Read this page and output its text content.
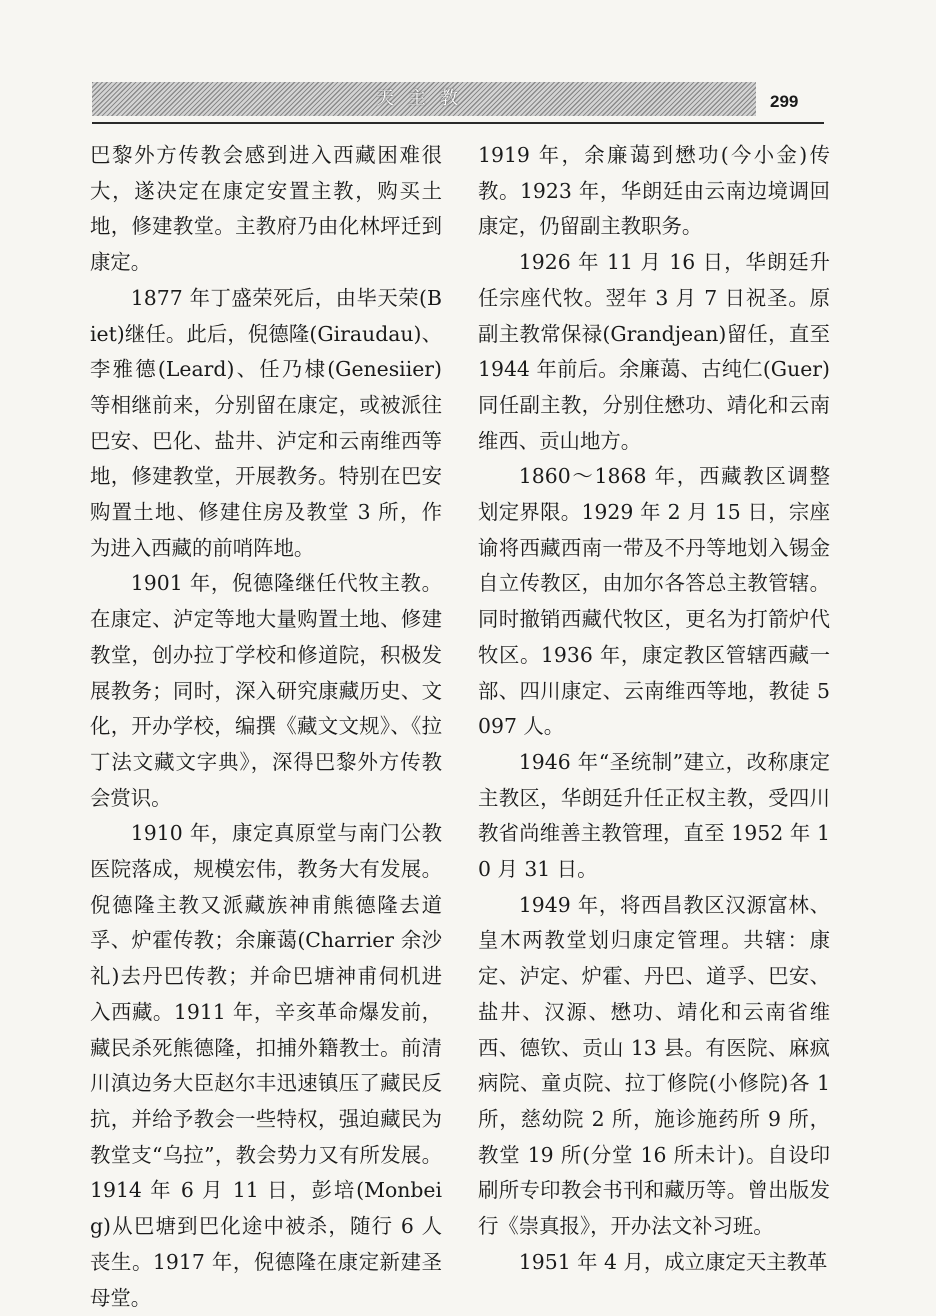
天主教	299

巴黎外方传教会感到进入西藏困难很大，遂决定在康定安置主教，购买土地，修建教堂。主教府乃由化林坪迁到康定。

1877 年丁盛荣死后，由毕天荣(Biet)继任。此后，倪德隆(Giraudau)、李雅德(Leard)、任乃棣(Genesiier)等相继前来，分别留在康定，或被派往巴安、巴化、盐井、泸定和云南维西等地，修建教堂，开展教务。特别在巴安购置土地、修建住房及教堂 3 所，作为进入西藏的前哨阵地。

1901 年，倪德隆继任代牧主教。在康定、泸定等地大量购置土地、修建教堂，创办拉丁学校和修道院，积极发展教务；同时，深入研究康藏历史、文化，开办学校，编撰《藏文文规》、《拉丁法文藏文字典》，深得巴黎外方传教会赏识。

1910 年，康定真原堂与南门公教医院落成，规模宏伟，教务大有发展。倪德隆主教又派藏族神甫熊德隆去道孚、炉霍传教；余廉蔼(Charrier 余沙礼)去丹巴传教；并命巴塘神甫伺机进入西藏。1911 年，辛亥革命爆发前，藏民杀死熊德隆，扣捕外籍教士。前清川滇边务大臣赵尔丰迅速镇压了藏民反抗，并给予教会一些特权，强迫藏民为教堂支“乌拉”，教会势力又有所发展。1914 年 6 月 11 日，彭培(Monbeig)从巴塘到巴化途中被杀，随行 6 人丧生。1917 年，倪德隆在康定新建圣母堂。

1919 年，余廉蔼到懋功(今小金)传教。1923 年，华朗廷由云南边境调回康定，仍留副主教职务。

1926 年 11 月 16 日，华朗廷升任宗座代牧。翌年 3 月 7 日祝圣。原副主教常保禄(Grandjean)留任，直至 1944 年前后。余廉蔼、古纯仁(Guer)同任副主教，分别住懋功、靖化和云南维西、贡山地方。

1860～1868 年，西藏教区调整划定界限。1929 年 2 月 15 日，宗座谕将西藏西南一带及不丹等地划入锡金自立传教区，由加尔各答总主教管辖。同时撤销西藏代牧区，更名为打箭炉代牧区。1936 年，康定教区管辖西藏一部、四川康定、云南维西等地，教徒 5097 人。

1946 年“圣统制”建立，改称康定主教区，华朗廷升任正权主教，受四川教省尚维善主教管理，直至 1952 年 10 月 31 日。

1949 年，将西昌教区汉源富林、皇木两教堂划归康定管理。共辖：康定、泸定、炉霍、丹巴、道孚、巴安、盐井、汉源、懋功、靖化和云南省维西、德钦、贡山 13 县。有医院、麻疯病院、童贞院、拉丁修院(小修院)各 1 所，慈幼院 2 所，施诊施药所 9 所，教堂 19 所(分堂 16 所未计)。自设印刷所专印教会书刊和藏历等。曾出版发行《崇真报》，开办法文补习班。

1951 年 4 月，成立康定天主教革
